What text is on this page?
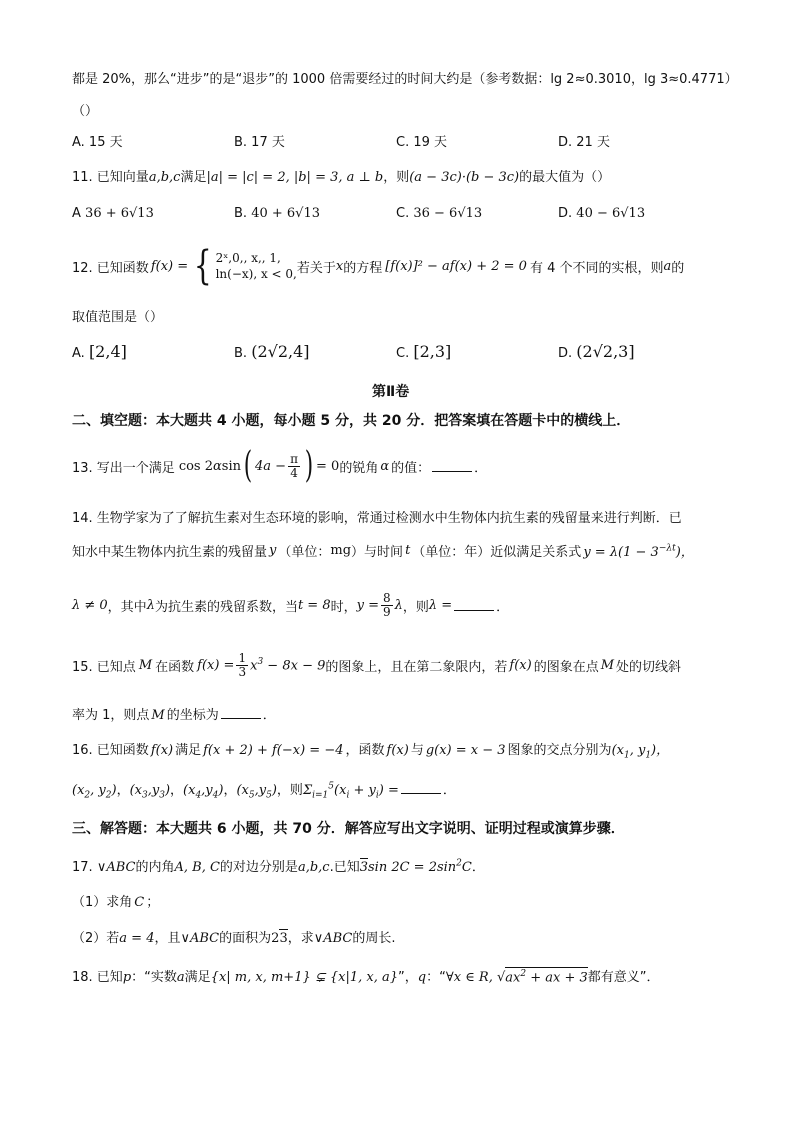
都是 20%，那么“进步”的是“退步”的 1000 倍需要经过的时间大约是（参考数据：lg 2≈0.3010，lg 3≈0.4771）
（）
A. 15 天	B. 17 天	C. 19 天	D. 21 天
11. 已知向量a,b,c满足|a| = |c| = 2, |b| = 3, a ⊥ b，则(a − 3c)·(b − 3c)的最大值为（）
A 36 + 6√13	B. 40 + 6√13	C. 36 − 6√13	D. 40 − 6√13
12. 已知函数 f(x) = { 2ˣ,0,, x,, 1,
ln(−x), x < 0, 若关于 x 的方程 [f(x)]² − af(x) + 2 = 0 有 4 个不同的实根，则 a 的
取值范围是（）
A. [2,4]	B. (2√2,4]	C. [2,3]	D. (2√2,3]
第Ⅱ卷
二、填空题：本大题共 4 小题，每小题 5 分，共 20 分．把答案填在答题卡中的横线上．
13. 写出一个满足 cos 2αsin ( $4a - \frac{\pi}{4}$ ) = 0 的锐角 α 的值：	．
14. 生物学家为了了解抗生素对生态环境的影响，常通过检测水中生物体内抗生素的残留量来进行判断．已
知水中某生物体内抗生素的残留量 y （单位： mg ）与时间 t （单位：年）近似满足关系式 $y = \lambda(1 - 3^{-\lambda t})$，
λ ≠ 0 ，其中 λ 为抗生素的残留系数，当 t = 8 时， $y = \frac{8}{9}$ λ ，则 λ =	．
15. 已知点 M 在函数 $f(x) = \frac{1}{3} x^3 - 8x - 9$ 的图象上，且在第二象限内，若 f(x) 的图象在点 M 处的切线斜
率为 1，则点 M 的坐标为	．
16. 已知函数 f(x) 满足 f(x + 2) + f(−x) = −4 ，函数 f(x) 与 g(x) = x − 3 图象的交点分别为($x_1$, $y_1$)，
($x_2$, $y_2$)，$(x_3,y_3)$，$(x_4,y_4)$，$(x_5,y_5)$，则$\Sigma_{i=1}^5(x_i + y_i)$ =	．
三、解答题：本大题共 6 小题，共 70 分．解答应写出文字说明、证明过程或演算步骤．
17. ∨ABC的内角A, B, C的对边分别是a,b,c.已知3sin $2C = 2\sin^2C$．
（1）求角 C ；
（2）若a = 4，且∨ABC的面积为23，求∨ABC的周长.
18. 已知p：“实数a满足{x| m, x, m+1} ⊊ {x|1, x, a}”，q：“∀x ∈ R, $√ax^2$ + ax + 3都有意义”．
